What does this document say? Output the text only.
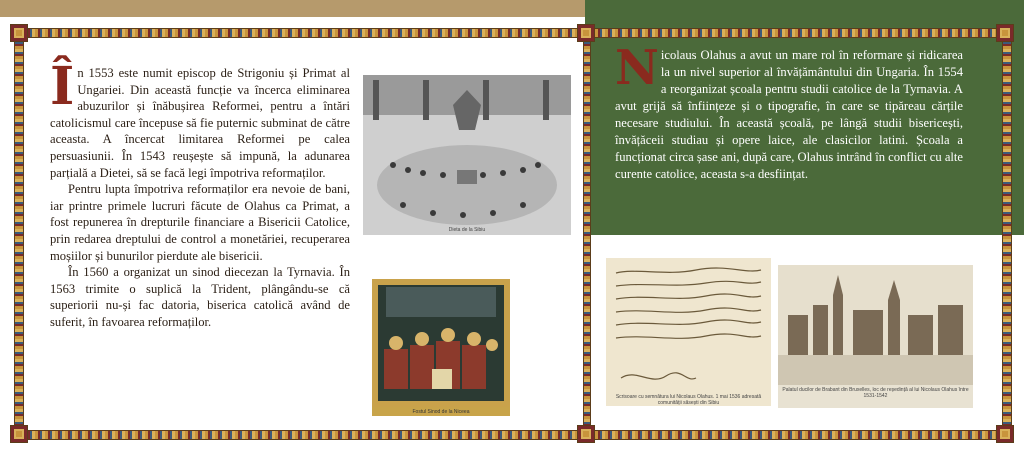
Î n 1553 este numit episcop de Strigoniu și Primat al Ungariei. Din această funcție va încerca eliminarea abuzurilor și înăbușirea Reformei, pentru a întări catolicismul care începuse să fie puternic subminat de către aceasta. A încercat limitarea Reformei pe calea persuasiunii. În 1543 reușește să impună, la adunarea parțială a Dietei, să se facă legi împotriva reformaților.

Pentru lupta împotriva reformaților era nevoie de bani, iar printre primele lucruri făcute de Olahus ca Primat, a fost repunerea în drepturile financiare a Bisericii Catolice, prin redarea dreptului de control a monetăriei, recuperarea moșiilor și bunurilor pierdute ale bisericii.

În 1560 a organizat un sinod diecezan la Tyrnavia. În 1563 trimite o suplică la Trident, plângându-se că superiorii nu-și fac datoria, biserica catolică având de suferit, în favoarea reformaților.

Dieta de la Sibiu
Fostul Sinod de la Niceea

N icolaus Olahus a avut un mare rol în reformare și ridicarea la un nivel superior al învățământului din Ungaria. În 1554 a reorganizat școala pentru studii catolice de la Tyrnavia. A avut grijă să înființeze și o tipografie, în care se tipăreau cărțile necesare studiului. În această școală, pe lângă studii bisericești, învățăceii studiau și opere laice, ale clasicilor latini. Școala a funcționat circa șase ani, după care, Olahus intrând în conflict cu alte curente catolice, aceasta s-a desființat.

Scrisoare cu semnătura lui Nicolaus Olahus. 1 mai 1536 adresată comunității săsești din Sibiu
Palatul ducilor de Brabant din Bruxelles, loc de reședință al lui Nicolaus Olahus între 1531-1542
